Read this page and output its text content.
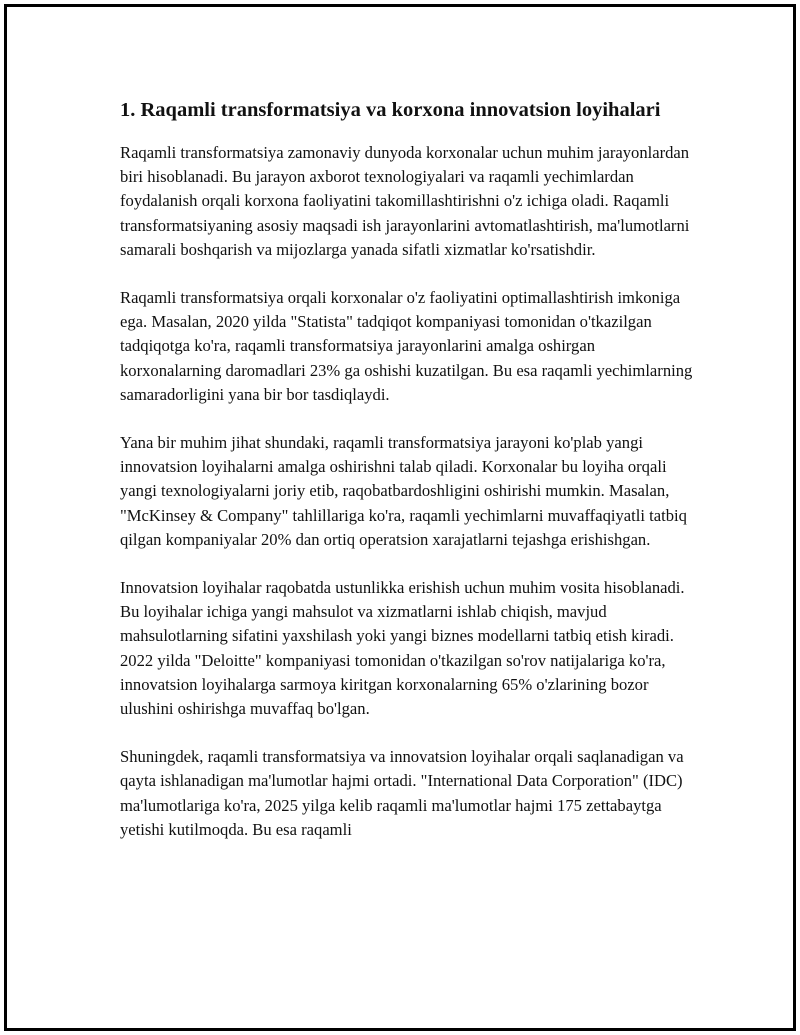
1. Raqamli transformatsiya va korxona innovatsion loyihalari

Raqamli transformatsiya zamonaviy dunyoda korxonalar uchun muhim jarayonlardan biri hisoblanadi. Bu jarayon axborot texnologiyalari va raqamli yechimlardan foydalanish orqali korxona faoliyatini takomillashtirishni o'z ichiga oladi. Raqamli transformatsiyaning asosiy maqsadi ish jarayonlarini avtomatlashtirish, ma'lumotlarni samarali boshqarish va mijozlarga yanada sifatli xizmatlar ko'rsatishdir.

Raqamli transformatsiya orqali korxonalar o'z faoliyatini optimallashtirish imkoniga ega. Masalan, 2020 yilda "Statista" tadqiqot kompaniyasi tomonidan o'tkazilgan tadqiqotga ko'ra, raqamli transformatsiya jarayonlarini amalga oshirgan korxonalarning daromadlari 23% ga oshishi kuzatilgan. Bu esa raqamli yechimlarning samaradorligini yana bir bor tasdiqlaydi.

Yana bir muhim jihat shundaki, raqamli transformatsiya jarayoni ko'plab yangi innovatsion loyihalarni amalga oshirishni talab qiladi. Korxonalar bu loyiha orqali yangi texnologiyalarni joriy etib, raqobatbardoshligini oshirishi mumkin. Masalan, "McKinsey & Company" tahlillariga ko'ra, raqamli yechimlarni muvaffaqiyatli tatbiq qilgan kompaniyalar 20% dan ortiq operatsion xarajatlarni tejashga erishishgan.

Innovatsion loyihalar raqobatda ustunlikka erishish uchun muhim vosita hisoblanadi. Bu loyihalar ichiga yangi mahsulot va xizmatlarni ishlab chiqish, mavjud mahsulotlarning sifatini yaxshilash yoki yangi biznes modellarni tatbiq etish kiradi. 2022 yilda "Deloitte" kompaniyasi tomonidan o'tkazilgan so'rov natijalariga ko'ra, innovatsion loyihalarga sarmoya kiritgan korxonalarning 65% o'zlarining bozor ulushini oshirishga muvaffaq bo'lgan.

Shuningdek, raqamli transformatsiya va innovatsion loyihalar orqali saqlanadigan va qayta ishlanadigan ma'lumotlar hajmi ortadi. "International Data Corporation" (IDC) ma'lumotlariga ko'ra, 2025 yilga kelib raqamli ma'lumotlar hajmi 175 zettabaytga yetishi kutilmoqda. Bu esa raqamli
